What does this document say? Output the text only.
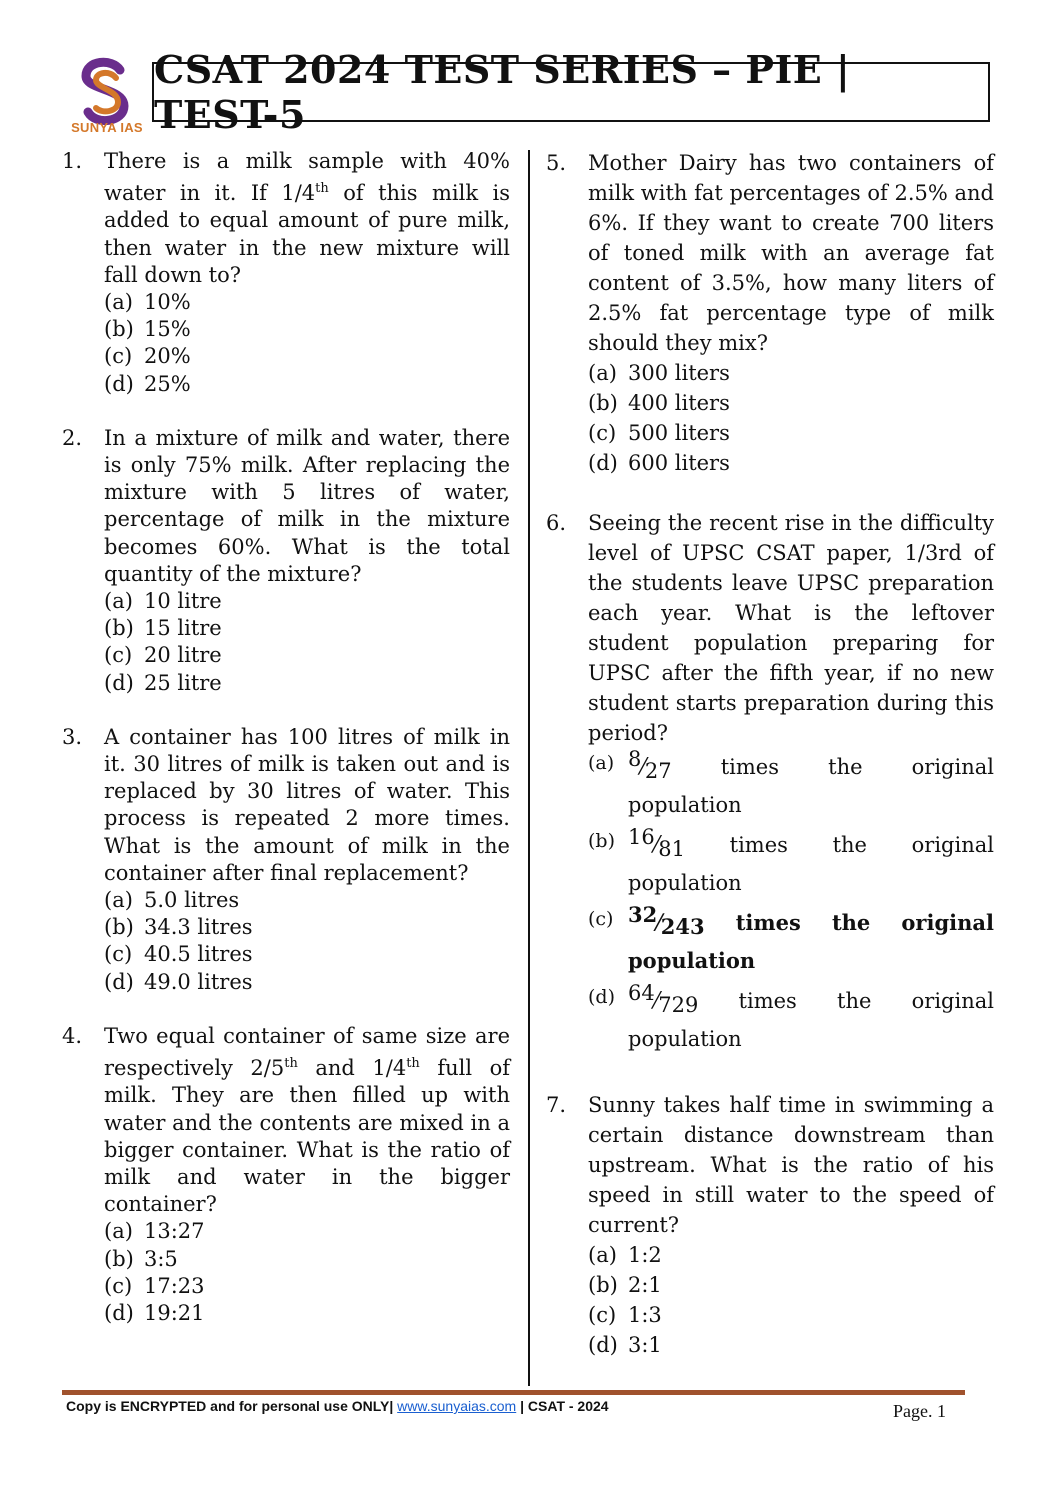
SUNYA IAS
CSAT 2024 TEST SERIES – PIE | TEST-5
1.	There is a milk sample with 40% water in it. If 1/4th of this milk is added to equal amount of pure milk, then water in the new mixture will fall down to?
(a) 10%
(b) 15%
(c) 20%
(d) 25%
2.	In a mixture of milk and water, there is only 75% milk. After replacing the mixture with 5 litres of water, percentage of milk in the mixture becomes 60%. What is the total quantity of the mixture?
(a) 10 litre
(b) 15 litre
(c) 20 litre
(d) 25 litre
3.	A container has 100 litres of milk in it. 30 litres of milk is taken out and is replaced by 30 litres of water. This process is repeated 2 more times. What is the amount of milk in the container after final replacement?
(a) 5.0 litres
(b) 34.3 litres
(c) 40.5 litres
(d) 49.0 litres
4.	Two equal container of same size are respectively 2/5th and 1/4th full of milk. They are then filled up with water and the contents are mixed in a bigger container. What is the ratio of milk and water in the bigger container?
(a) 13:27
(b) 3:5
(c) 17:23
(d) 19:21
5.	Mother Dairy has two containers of milk with fat percentages of 2.5% and 6%. If they want to create 700 liters of toned milk with an average fat content of 3.5%, how many liters of 2.5% fat percentage type of milk should they mix?
(a) 300 liters
(b) 400 liters
(c) 500 liters
(d) 600 liters
6.	Seeing the recent rise in the difficulty level of UPSC CSAT paper, 1/3rd of the students leave UPSC preparation each year. What is the leftover student population preparing for UPSC after the fifth year, if no new student starts preparation during this period?
(a) 8⁄27 times the original
population
(b) 16⁄81 times the original
population
(c) 32⁄243 times the original
population
(d) 64⁄729 times the original
population
7.	Sunny takes half time in swimming a certain distance downstream than upstream. What is the ratio of his speed in still water to the speed of current?
(a) 1:2
(b) 2:1
(c) 1:3
(d) 3:1
Copy is ENCRYPTED and for personal use ONLY| www.sunyaias.com | CSAT - 2024	Page. 1
